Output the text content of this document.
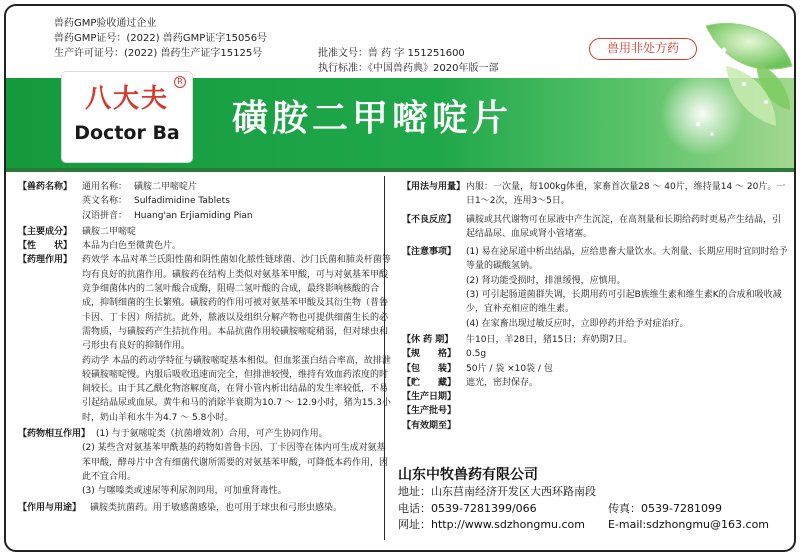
兽药GMP验收通过企业
兽药GMP证号：(2022) 兽药GMP证字15056号
生产许可证号：(2022) 兽药生产证字15125号	批准文号：兽 药 字 151251600
执行标准：《中国兽药典》2020年版一部
兽用非处方药
R
八大夫
Doctor Ba	磺胺二甲嘧啶片
【兽药名称】	通用名称： 磺胺二甲嘧啶片
英文名称： Sulfadimidine Tablets
汉语拼音： Huang'an Erjiamiding Pian
【主要成分】	磺胺二甲嘧啶
【性　　状】	本品为白色至微黄色片。
【药理作用】	药效学 本品对革兰氏阳性菌和阴性菌如化脓性链球菌、沙门氏菌和肺炎杆菌等均有良好的抗菌作用。磺胺药在结构上类似对氨基苯甲酸，可与对氨基苯甲酸竞争细菌体内的二氢叶酸合成酶，阻碍二氢叶酸的合成，最终影响核酸的合成，抑制细菌的生长繁殖。磺胺药的作用可被对氨基苯甲酸及其衍生物（普鲁卡因、丁卡因）所拮抗。此外，脓液以及组织分解产物也可提供细菌生长的必需物质，与磺胺药产生拮抗作用。本品抗菌作用较磺胺嘧啶稍弱，但对球虫和弓形虫有良好的抑制作用。
药动学 本品的药动学特征与磺胺嘧啶基本相似。但血浆蛋白结合率高，故排泄较磺胺嘧啶慢。内服后吸收迅速而完全，但排泄较慢，维持有效血药浓度的时间较长。由于其乙酰化物溶解度高，在肾小管内析出结晶的发生率较低，不易引起结晶尿或血尿。黄牛和马的消除半衰期为10.7 ～ 12.9小时，猪为15.3小时，奶山羊和水牛为4.7 ～ 5.8小时。
【药物相互作用】 (1) 与于氨嘧啶类（抗菌增效剂）合用，可产生协同作用。
(2) 某些含对氨基苯甲酰基的药物如普鲁卡因、丁卡因等在体内可生成对氨基苯甲酸，酵母片中含有细菌代谢所需要的对氨基苯甲酸，可降低本药作用，因此不宜合用。
(3) 与噻嗪类或速尿等利尿剂同用，可加重肾毒性。
【作用与用途】 磺胺类抗菌药。用于敏感菌感染，也可用于球虫和弓形虫感染。
【用法与用量】 内服：一次量，每100kg体重，家畜首次量28 ～ 40片，维持量14 ～ 20片。一日1～2次，连用3～5日。
【不良反应】	磺胺或其代谢物可在尿液中产生沉淀，在高剂量和长期给药时更易产生结晶，引起结晶尿、血尿或肾小管堵塞。
【注意事项】	(1) 易在泌尿道中析出结晶，应给患畜大量饮水。大剂量、长期应用时宜同时给予等量的碳酸氢钠。
(2) 肾功能受损时，排泄缓慢，应慎用。
(3) 可引起肠道菌群失调，长期用药可引起B族维生素和维生素K的合成和吸收减少，宜补充相应的维生素。
(4) 在家畜出现过敏反应时，立即停药并给予对症治疗。
【休 药 期】	牛10日，羊28日，猪15日；弃奶期7日。
【规　　格】	0.5g
【包　　装】	50片 / 袋 ×10袋 / 包
【贮　　藏】	遮光，密封保存。
【生产日期】
【生产批号】
【有效期至】
山东中牧兽药有限公司
地址：山东莒南经济开发区大西环路南段
电话：0539-7281399/066	传真：0539-7281099
网址：http://www.sdzhongmu.com	E-mail:sdzhongmu@163.com
